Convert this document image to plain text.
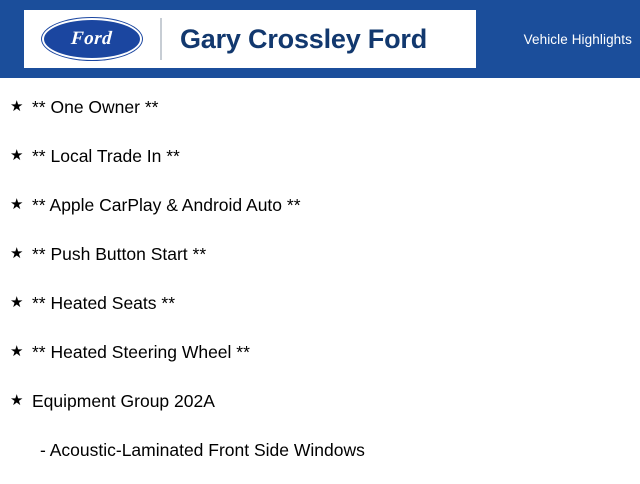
Ford Gary Crossley Ford	Vehicle Highlights
★ ** One Owner **
★ ** Local Trade In **
★ ** Apple CarPlay & Android Auto **
★ ** Push Button Start **
★ ** Heated Seats **
★ ** Heated Steering Wheel **
★ Equipment Group 202A
- Acoustic-Laminated Front Side Windows
